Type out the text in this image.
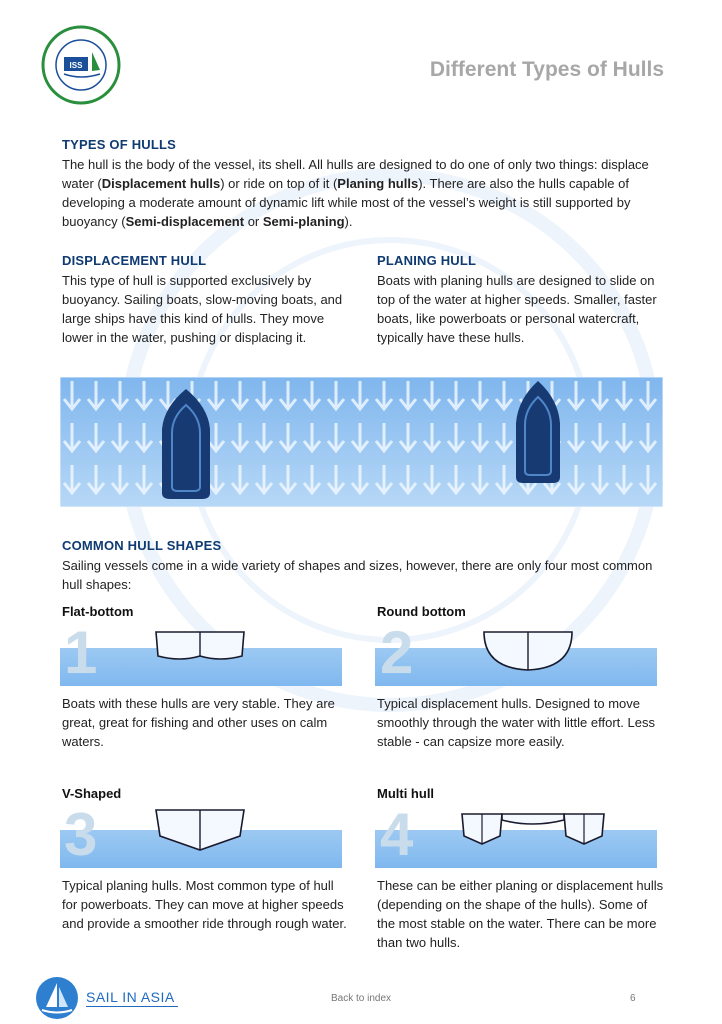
ISS	Different Types of Hulls
TYPES OF HULLS

The hull is the body of the vessel, its shell. All hulls are designed to do one of only two things: displace water (Displacement hulls) or ride on top of it (Planing hulls). There are also the hulls capable of developing a moderate amount of dynamic lift while most of the vessel’s weight is still supported by buoyancy (Semi-displacement or Semi-planing).

DISPLACEMENT HULL

This type of hull is supported exclusively by buoyancy. Sailing boats, slow-moving boats, and large ships have this kind of hulls. They move lower in the water, pushing or displacing it.

PLANING HULL

Boats with planing hulls are designed to slide on top of the water at higher speeds. Smaller, faster boats, like powerboats or personal watercraft, typically have these hulls.

COMMON HULL SHAPES

Sailing vessels come in a wide variety of shapes and sizes, however, there are only four most common hull shapes:

Flat-bottom
1

Boats with these hulls are very stable. They are great, great for fishing and other uses on calm waters.

Round bottom
2

Typical displacement hulls. Designed to move smoothly through the water with little effort. Less stable - can capsize more easily.

V-Shaped
3

Typical planing hulls. Most common type of hull for powerboats. They can move at higher speeds and provide a smoother ride through rough water.

Multi hull
4

These can be either planing or displacement hulls (depending on the shape of the hulls). Some of the most stable on the water. There can be more than two hulls.

SAIL IN ASIA	Back to index	6
